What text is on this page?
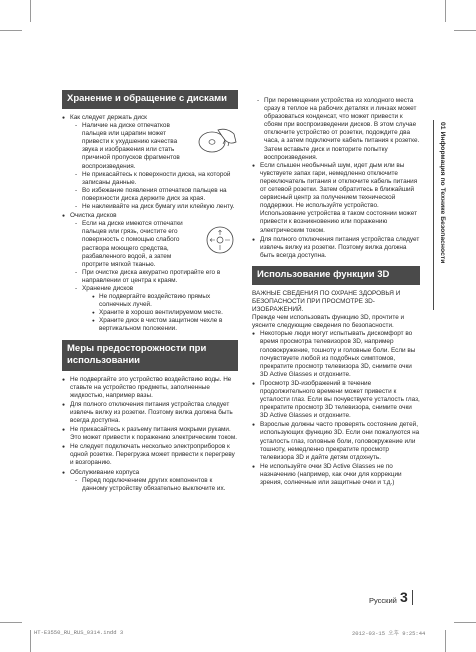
Хранение и обращение с дисками
● Как следует держать диск
- Наличие на диске отпечатков пальцев или царапин может привести к ухудшению качества звука и изображения или стать причиной пропусков фрагментов воспроизведения.
- Не прикасайтесь к поверхности диска, на которой записаны данные.
- Во избежание появления отпечатков пальцев на поверхности диска держите диск за края.
- Не наклеивайте на диск бумагу или клейкую ленту.
● Очистка дисков
- Если на диске имеются отпечатки пальцев или грязь, очистите его поверхность с помощью слабого раствора моющего средства, разбавленного водой, а затем протрите мягкой тканью.
- При очистке диска аккуратно протирайте его в направлении от центра к краям.
- Хранение дисков
● Не подвергайте воздействию прямых солнечных лучей.
● Храните в хорошо вентилируемом месте.
● Храните диск в чистом защитном чехле в вертикальном положении.
Меры предосторожности при использовании
● Не подвергайте это устройство воздействию воды. Не ставьте на устройство предметы, заполненные жидкостью, например вазы.
● Для полного отключения питания устройства следует извлечь вилку из розетки. Поэтому вилка должна быть всегда доступна.
● Не прикасайтесь к разъему питания мокрыми руками. Это может привести к поражению электрическим током.
● Не следует подключать несколько электроприборов к одной розетке. Перегрузка может привести к перегреву и возгоранию.
● Обслуживание корпуса
- Перед подключением других компонентов к данному устройству обязательно выключите их.
- При перемещении устройства из холодного места сразу в теплое на рабочих деталях и линзах может образоваться конденсат, что может привести к сбоям при воспроизведении дисков. В этом случае отключите устройство от розетки, подождите два часа, а затем подключите кабель питания к розетке. Затем вставьте диск и повторите попытку воспроизведения.
● Если слышен необычный шум, идет дым или вы чувствуете запах гари, немедленно отключите переключатель питания и отключите кабель питания от сетевой розетки. Затем обратитесь в ближайший сервисный центр за получением технической поддержки. Не используйте устройство. Использование устройства в таком состоянии может привести к возникновению или поражению электрическим током.
● Для полного отключения питания устройства следует извлечь вилку из розетки. Поэтому вилка должна быть всегда доступна.
Использование функции 3D

ВАЖНЫЕ СВЕДЕНИЯ ПО ОХРАНЕ ЗДОРОВЬЯ И БЕЗОПАСНОСТИ ПРИ ПРОСМОТРЕ 3D-ИЗОБРАЖЕНИЙ.

Прежде чем использовать функцию 3D, прочтите и уясните следующие сведения по безопасности.

● Некоторые люди могут испытывать дискомфорт во время просмотра телевизоров 3D, например головокружение, тошноту и головные боли. Если вы почувствуете любой из подобных симптомов, прекратите просмотр телевизора 3D, снимите очки 3D Active Glasses и отдохните.
● Просмотр 3D-изображений в течение продолжительного времени может привести к усталости глаз. Если вы почувствуете усталость глаз, прекратите просмотр 3D телевизора, снимите очки 3D Active Glasses и отдохните.
● Взрослые должны часто проверять состояние детей, использующих функцию 3D. Если они пожалуются на усталость глаз, головные боли, головокружение или тошноту, немедленно прекратите просмотр телевизора 3D и дайте детям отдохнуть.
● Не используйте очки 3D Active Glasses не по назначению (например, как очки для коррекции зрения, солнечные или защитные очки и т.д.)
01 Информация по Технике Безопасности
Русский 3
HT-E3550_RU_RUS_0314.indd 3	2012-03-15 오후 9:25:44
